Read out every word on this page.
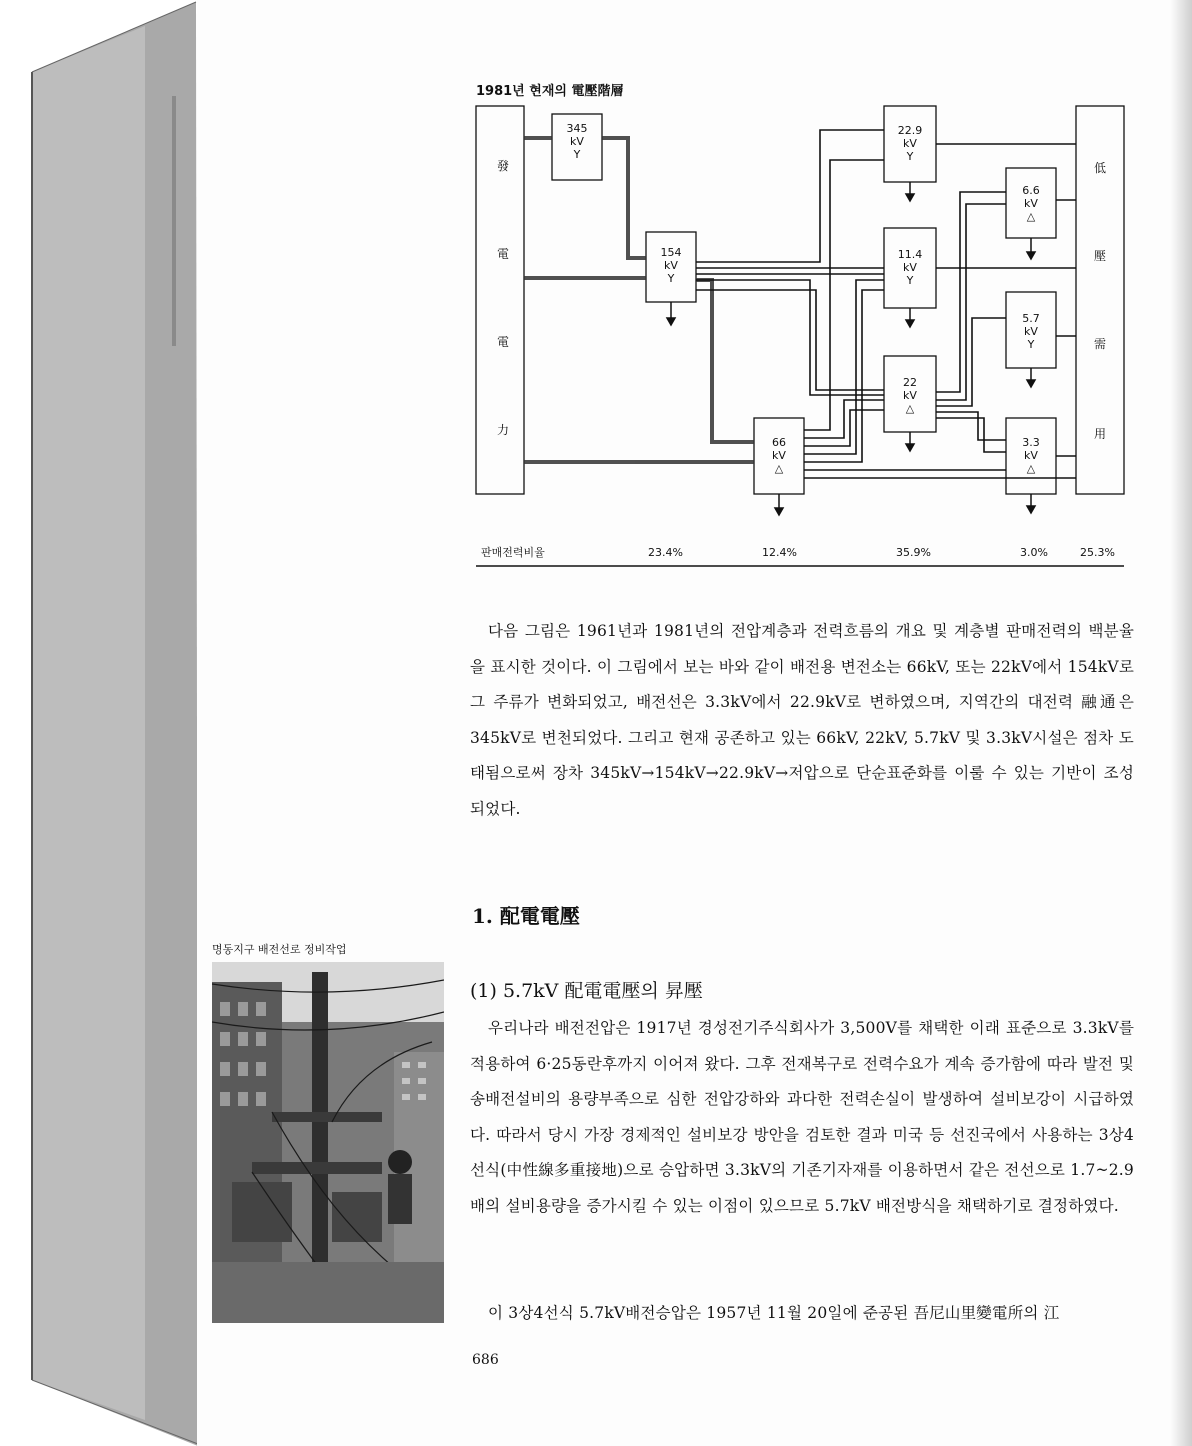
1981년 현재의 電壓階層
發
電
電
力
低
壓
需
用
345
kV
Y
154
kV
Y
66
kV
△
22.9
kV
Y
11.4
kV
Y
22
kV
△
6.6
kV
△
5.7
kV
Y
3.3
kV
△
판매전력비율	23.4%	12.4%	35.9%	3.0%	25.3%

다음 그림은 1961년과 1981년의 전압계층과 전력흐름의 개요 및 계층별 판매전력의 백분율을 표시한 것이다. 이 그림에서 보는 바와 같이 배전용 변전소는 66kV, 또는 22kV에서 154kV로 그 주류가 변화되었고, 배전선은 3.3kV에서 22.9kV로 변하였으며, 지역간의 대전력 融通은 345kV로 변천되었다. 그리고 현재 공존하고 있는 66kV, 22kV, 5.7kV 및 3.3kV시설은 점차 도태됨으로써 장차 345kV→154kV→22.9kV→저압으로 단순표준화를 이룰 수 있는 기반이 조성되었다.

1. 配電電壓
(1) 5.7kV 配電電壓의 昇壓

우리나라 배전전압은 1917년 경성전기주식회사가 3,500V를 채택한 이래 표준으로 3.3kV를 적용하여 6·25동란후까지 이어져 왔다. 그후 전재복구로 전력수요가 계속 증가함에 따라 발전 및 송배전설비의 용량부족으로 심한 전압강하와 과다한 전력손실이 발생하여 설비보강이 시급하였다. 따라서 당시 가장 경제적인 설비보강 방안을 검토한 결과 미국 등 선진국에서 사용하는 3상4선식(中性線多重接地)으로 승압하면 3.3kV의 기존기자재를 이용하면서 같은 전선으로 1.7~2.9배의 설비용량을 증가시킬 수 있는 이점이 있으므로 5.7kV 배전방식을 채택하기로 결정하였다.

이 3상4선식 5.7kV배전승압은 1957년 11월 20일에 준공된 吾尼山里變電所의 江

명동지구 배전선로 정비작업

686
